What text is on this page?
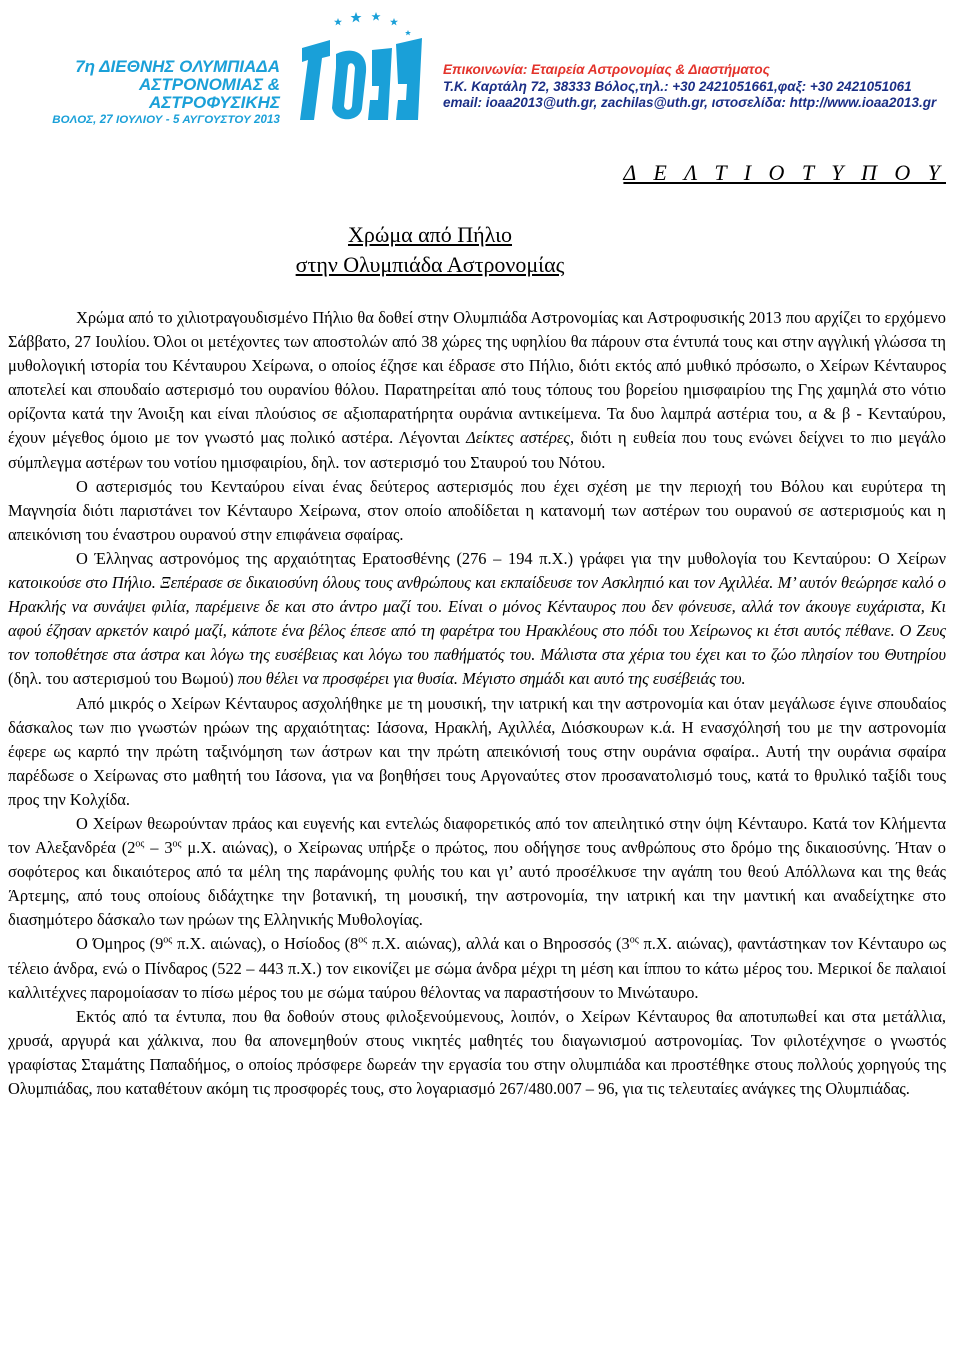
7η ΔΙΕΘΝΗΣ ΟΛΥΜΠΙΑΔΑ
ΑΣΤΡΟΝΟΜΙΑΣ & ΑΣΤΡΟΦΥΣΙΚΗΣ
ΒΟΛΟΣ, 27 ΙΟΥΛΙΟΥ - 5 ΑΥΓΟΥΣΤΟΥ 2013
Επικοινωνία: Εταιρεία Αστρονομίας & Διαστήματος
Τ.Κ. Καρτάλη 72, 38333 Βόλος,τηλ.: +30 2421051661,φαξ: +30 2421051061
email: ioaa2013@uth.gr, zachilas@uth.gr, ιστοσελίδα: http://www.ioaa2013.gr
Δ Ε Λ Τ Ι Ο Τ Υ Π Ο Υ
Χρώμα από Πήλιο
στην Ολυμπιάδα Αστρονομίας

Χρώμα από το χιλιοτραγουδισμένο Πήλιο θα δοθεί στην Ολυμπιάδα Αστρονομίας και Αστροφυσικής 2013 που αρχίζει το ερχόμενο Σάββατο, 27 Ιουλίου. Όλοι οι μετέχοντες των αποστολών από 38 χώρες της υφηλίου θα πάρουν στα έντυπά τους και στην αγγλική γλώσσα τη μυθολογική ιστορία του Κένταυρου Χείρωνα, ο οποίος έζησε και έδρασε στο Πήλιο, διότι εκτός από μυθικό πρόσωπο, ο Χείρων Κένταυρος αποτελεί και σπουδαίο αστερισμό του ουρανίου θόλου. Παρατηρείται από τους τόπους του βορείου ημισφαιρίου της Γης χαμηλά στο νότιο ορίζοντα κατά την Άνοιξη και είναι πλούσιος σε αξιοπαρατήρητα ουράνια αντικείμενα. Τα δυο λαμπρά αστέρια του, α & β - Κενταύρου, έχουν μέγεθος όμοιο με τον γνωστό μας πολικό αστέρα. Λέγονται Δείκτες αστέρες, διότι η ευθεία που τους ενώνει δείχνει το πιο μεγάλο σύμπλεγμα αστέρων του νοτίου ημισφαιρίου, δηλ. τον αστερισμό του Σταυρού του Νότου.

Ο αστερισμός του Κενταύρου είναι ένας δεύτερος αστερισμός που έχει σχέση με την περιοχή του Βόλου και ευρύτερα τη Μαγνησία διότι παριστάνει τον Κένταυρο Χείρωνα, στον οποίο αποδίδεται η κατανομή των αστέρων του ουρανού σε αστερισμούς και η απεικόνιση του έναστρου ουρανού στην επιφάνεια σφαίρας.

Ο Έλληνας αστρονόμος της αρχαιότητας Ερατοσθένης (276 – 194 π.Χ.) γράφει για την μυθολογία του Κενταύρου: Ο Χείρων κατοικούσε στο Πήλιο. Ξεπέρασε σε δικαιοσύνη όλους τους ανθρώπους και εκπαίδευσε τον Ασκληπιό και τον Αχιλλέα. Μ’ αυτόν θεώρησε καλό ο Ηρακλής να συνάψει φιλία, παρέμεινε δε και στο άντρο μαζί του. Είναι ο μόνος Κένταυρος που δεν φόνευσε, αλλά τον άκουγε ευχάριστα, Κι αφού έζησαν αρκετόν καιρό μαζί, κάποτε ένα βέλος έπεσε από τη φαρέτρα του Ηρακλέους στο πόδι του Χείρωνος κι έτσι αυτός πέθανε. Ο Ζευς τον τοποθέτησε στα άστρα και λόγω της ευσέβειας και λόγω του παθήματός του. Μάλιστα στα χέρια του έχει και το ζώο πλησίον του Θυτηρίου (δηλ. του αστερισμού του Βωμού) που θέλει να προσφέρει για θυσία. Μέγιστο σημάδι και αυτό της ευσέβειάς του.

Από μικρός ο Χείρων Κένταυρος ασχολήθηκε με τη μουσική, την ιατρική και την αστρονομία και όταν μεγάλωσε έγινε σπουδαίος δάσκαλος των πιο γνωστών ηρώων της αρχαιότητας: Ιάσονα, Ηρακλή, Αχιλλέα, Διόσκουρων κ.ά. Η ενασχόλησή του με την αστρονομία έφερε ως καρπό την πρώτη ταξινόμηση των άστρων και την πρώτη απεικόνισή τους στην ουράνια σφαίρα.. Αυτή την ουράνια σφαίρα παρέδωσε ο Χείρωνας στο μαθητή του Ιάσονα, για να βοηθήσει τους Αργοναύτες στον προσανατολισμό τους, κατά το θρυλικό ταξίδι τους προς την Κολχίδα.

Ο Χείρων θεωρούνταν πράος και ευγενής και εντελώς διαφορετικός από τον απειλητικό στην όψη Κένταυρο. Κατά τον Κλήμεντα τον Αλεξανδρέα ($2^{o\varsigma} - 3^{o\varsigma}$ μ.Χ. αιώνας), ο Χείρωνας υπήρξε ο πρώτος, που οδήγησε τους ανθρώπους στο δρόμο της δικαιοσύνης. Ήταν ο σοφότερος και δικαιότερος από τα μέλη της παράνομης φυλής του και γι’ αυτό προσέλκυσε την αγάπη του θεού Απόλλωνα και της θεάς Άρτεμης, από τους οποίους διδάχτηκε την βοτανική, τη μουσική, την αστρονομία, την ιατρική και την μαντική και αναδείχτηκε στο διασημότερο δάσκαλο των ηρώων της Ελληνικής Μυθολογίας.

Ο Όμηρος ($9^{o\varsigma}$ π.Χ. αιώνας), ο Ησίοδος ($8^{o\varsigma}$ π.Χ. αιώνας), αλλά και ο Βηροσσός ($3^{o\varsigma}$ π.Χ. αιώνας), φαντάστηκαν τον Κένταυρο ως τέλειο άνδρα, ενώ ο Πίνδαρος (522 – 443 π.Χ.) τον εικονίζει με σώμα άνδρα μέχρι τη μέση και ίππου το κάτω μέρος του. Μερικοί δε παλαιοί καλλιτέχνες παρομοίασαν το πίσω μέρος του με σώμα ταύρου θέλοντας να παραστήσουν το Μινώταυρο.

Εκτός από τα έντυπα, που θα δοθούν στους φιλοξενούμενους, λοιπόν, ο Χείρων Κένταυρος θα αποτυπωθεί και στα μετάλλια, χρυσά, αργυρά και χάλκινα, που θα απονεμηθούν στους νικητές μαθητές του διαγωνισμού αστρονομίας. Τον φιλοτέχνησε ο γνωστός γραφίστας Σταμάτης Παπαδήμος, ο οποίος πρόσφερε δωρεάν την εργασία του στην ολυμπιάδα και προστέθηκε στους πολλούς χορηγούς της Ολυμπιάδας, που καταθέτουν ακόμη τις προσφορές τους, στο λογαριασμό 267/480.007 – 96, για τις τελευταίες ανάγκες της Ολυμπιάδας.
